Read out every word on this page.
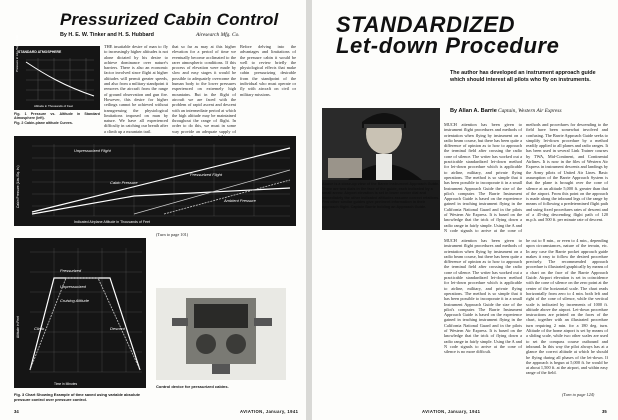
Pressurized Cabin Control
By H. E. W. Tinker and H. S. Hubbard	Airesearch Mfg. Co.
STANDARD ATMOSPHERE
Pressure in Lbs./Sq. In. Abs.
Altitude in Thousands of Feet
Fig. 1 Pressure vs. Altitude in Standard Atmosphere (left).
Fig. 2 Cabin-plane altitude Curves.
THE insatiable desire of man to fly to increasingly higher altitudes is not alone dictated by his desire to achieve dominance over nature's barriers. There is also an economic factor involved since flight at higher altitudes will permit greater speeds, and also from a military standpoint it removes the aircraft from the range of ground observation and gun fire. However, this desire for higher ceilings cannot be achieved without transgressing the physiological limitations imposed on man by nature. We have all experienced difficulty in catching our breath after a climb up a mountain trail.
that so far as may at this higher elevation for a period of time we eventually become acclimated to the rarer atmospheric conditions. If this process of elevation were made by slow and easy stages it would be possible to adequately overcome the human body to the lower pressures experienced on extremely high mountains. But in the flight of aircraft we are faced with the problem of rapid ascent and descent with an intermediate period at which the high altitude may be maintained throughout the range of flight. In order to do this, we must in some way provide an adequate supply of
Before delving into the advantages and limitations of the pressure cabin it would be well to review briefly the physiological effects that make cabin pressurizing desirable from the standpoint of the individual who must operate or fly with aircraft on civil or military missions.
Unpressurized Flight
Cabin Pressure
Pressurized Flight
Ambient Pressure
Cabin Pressure (Lbs./Sq. In.)
Indicated Airplane Altitude in Thousands of Feet
Pressurized
Unpressurized
Cruising Altitude
Descent
Climb
Altitude in Feet
Time in Minutes
Fig. 3 Chart Showing Example of time saved using variable absolute pressure control over pressure control.
(Turn to page 101)
Control device for pressurized cabins.
34	AVIATION, January, 1941
STANDARDIZED
Let-down Procedure
The author has developed an instrument approach guide which should interest all pilots who fly on instruments.
By Allan A. Barrie Captain, Western Air Express
Above is a close-up view of the Barrie Instrument Approach Guide. There are two dials in the face of the guide, each indicated by a small arrow. Airport elevation is set in lower center dial and immediately the other indicated altitudes assume correct relations. Few other similar guides give pertinent information in their approach flight. Captain Barrie holding an Approach Guide.
MUCH attention has been given to instrument flight procedures and methods of orientation when flying by instrument on a radio beam course, but there has been quite a difference of opinion as to how to approach the terminal field after crossing the radio cone of silence. The writer has worked out a practicable standardized let-down method for let-down procedure which is applicable to airline, military, and private flying operations. The method is so simple that it has been possible to incorporate it in a small Instrument Approach Guide the size of the pilot's computer. The Barrie Instrument Approach Guide is based on the experience gained in teaching instrument flying in the California National Guard and in the pilots of Western Air Express. It is based on the knowledge that the trick of flying down a radio range in fairly simple. Using the A and N code signals to arrive at the cone of
methods and procedures for descending to the field have been somewhat involved and confusing. The Barrie Approach Guide seeks to simplify let-down procedure by a method readily applied to all planes and radio ranges. It has been used in several Link Trainer courses by TWA, Mid-Continent, and Continental Airlines. It is now in the files of Western Air Express in instrument descents and landings by the Army pilots of United Air Lines. Basic assumption of the Barrie Approach System is that the plane is brought over the cone of silence at an altitude 5,000 ft. greater than that of the airport. From this point on the approach is made along the inbound legs of the range by means of following a predetermined flight path and using fixed procedures rates of descent and of a 45-deg descending flight path of 120 m.p.h. and 500 ft. per minute rate of descent.
be cut to 8 min., or even to 4 min., depending upon circumstances, nature of the terrain, etc. In any case the Barrie pocket approach guide makes it easy to follow the desired procedure precisely. The recommended approach procedure is illustrated graphically by means of a chart on the face of the Barrie Approach Guide. Airport elevation is set in coincidence with the cone of silence on the zero point at the center of the horizontal scale. The chart reads horizontally from zero to 4 min. both left and right of the cone of silence, while the vertical scale is indicated by increments of 1000 ft. altitude above the airport. Let-down procedure instructions are printed on the faces of the chart, together with an illustrated procedure turn requiring 2 min. for a 180 deg. turn. Altitude of the home airport is set by means of a sliding scale, while two other scales are used to set the compass course outbound and inbound. In this way the pilot always has at a glance the correct altitude at which he should be flying during all phases of the let-down. If the approach is begun at 5,000 ft. he would be at about 1,500 ft. at the airport, and within easy range of the field.
MUCH attention has been given to instrument flight procedures and methods of orientation when flying by instrument on a radio beam course, but there has been quite a difference of opinion as to how to approach the terminal field after crossing the radio cone of silence. The writer has worked out a practicable standardized let-down method for let-down procedure which is applicable to airline, military, and private flying operations. The method is so simple that it has been possible to incorporate it in a small Instrument Approach Guide the size of the pilot's computer. The Barrie Instrument Approach Guide is based on the experience gained in teaching instrument flying in the California National Guard and in the pilots of Western Air Express. It is based on the knowledge that the trick of flying down a radio range in fairly simple. Using the A and N code signals to arrive at the cone of silence is no more difficult.
(Turn to page 124)
AVIATION, January, 1941	35
